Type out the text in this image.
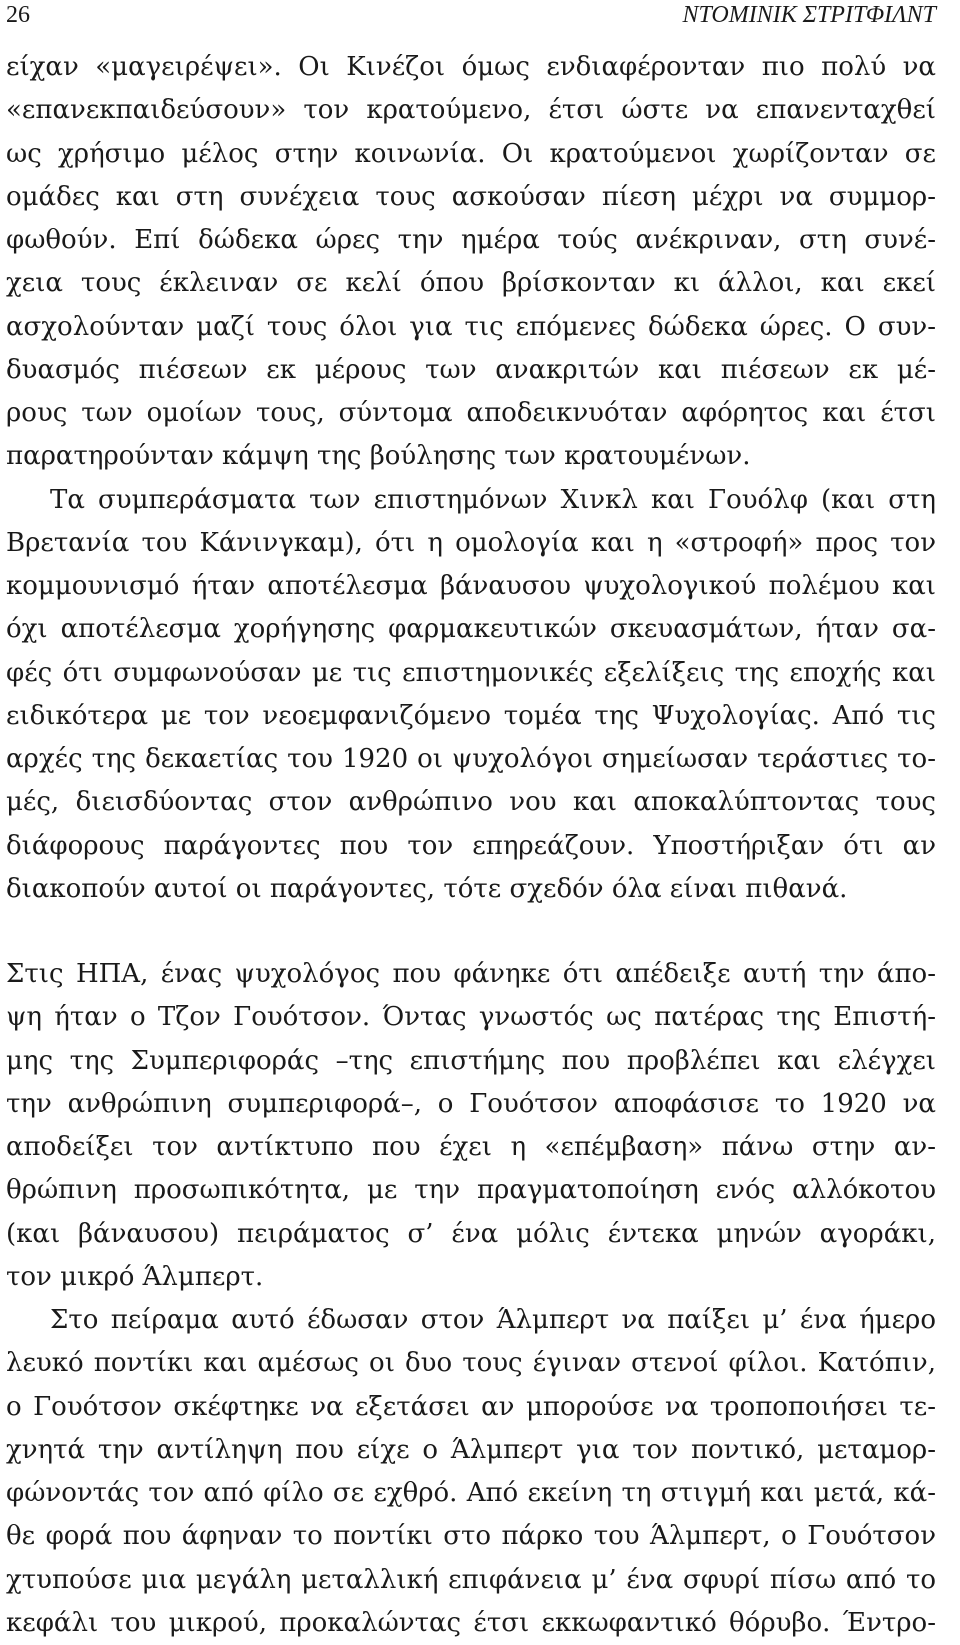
26	ΝΤΟΜΙΝΙΚ ΣΤΡΙΤΦΙΛΝΤ
είχαν «μαγειρέψει». Οι Κινέζοι όμως ενδιαφέρονταν πιο πολύ να
«επανεκπαιδεύσουν» τον κρατούμενο, έτσι ώστε να επανενταχθεί
ως χρήσιμο μέλος στην κοινωνία. Οι κρατούμενοι χωρίζονταν σε
ομάδες και στη συνέχεια τους ασκούσαν πίεση μέχρι να συμμορ-
φωθούν. Επί δώδεκα ώρες την ημέρα τούς ανέκριναν, στη συνέ-
χεια τους έκλειναν σε κελί όπου βρίσκονταν κι άλλοι, και εκεί
ασχολούνταν μαζί τους όλοι για τις επόμενες δώδεκα ώρες. Ο συν-
δυασμός πιέσεων εκ μέρους των ανακριτών και πιέσεων εκ μέ-
ρους των ομοίων τους, σύντομα αποδεικνυόταν αφόρητος και έτσι
παρατηρούνταν κάμψη της βούλησης των κρατουμένων.
Τα συμπεράσματα των επιστημόνων Χινκλ και Γουόλφ (και στη
Βρετανία του Κάνινγκαμ), ότι η ομολογία και η «στροφή» προς τον
κομμουνισμό ήταν αποτέλεσμα βάναυσου ψυχολογικού πολέμου και
όχι αποτέλεσμα χορήγησης φαρμακευτικών σκευασμάτων, ήταν σα-
φές ότι συμφωνούσαν με τις επιστημονικές εξελίξεις της εποχής και
ειδικότερα με τον νεοεμφανιζόμενο τομέα της Ψυχολογίας. Από τις
αρχές της δεκαετίας του 1920 οι ψυχολόγοι σημείωσαν τεράστιες το-
μές, διεισδύοντας στον ανθρώπινο νου και αποκαλύπτοντας τους
διάφορους παράγοντες που τον επηρεάζουν. Υποστήριξαν ότι αν
διακοπούν αυτοί οι παράγοντες, τότε σχεδόν όλα είναι πιθανά.
Στις ΗΠΑ, ένας ψυχολόγος που φάνηκε ότι απέδειξε αυτή την άπο-
ψη ήταν ο Τζον Γουότσον. Όντας γνωστός ως πατέρας της Επιστή-
μης της Συμπεριφοράς –της επιστήμης που προβλέπει και ελέγχει
την ανθρώπινη συμπεριφορά–, ο Γουότσον αποφάσισε το 1920 να
αποδείξει τον αντίκτυπο που έχει η «επέμβαση» πάνω στην αν-
θρώπινη προσωπικότητα, με την πραγματοποίηση ενός αλλόκοτου
(και βάναυσου) πειράματος σ’ ένα μόλις έντεκα μηνών αγοράκι,
τον μικρό Άλμπερτ.
Στο πείραμα αυτό έδωσαν στον Άλμπερτ να παίξει μ’ ένα ήμερο
λευκό ποντίκι και αμέσως οι δυο τους έγιναν στενοί φίλοι. Κατόπιν,
ο Γουότσον σκέφτηκε να εξετάσει αν μπορούσε να τροποποιήσει τε-
χνητά την αντίληψη που είχε ο Άλμπερτ για τον ποντικό, μεταμορ-
φώνοντάς τον από φίλο σε εχθρό. Από εκείνη τη στιγμή και μετά, κά-
θε φορά που άφηναν το ποντίκι στο πάρκο του Άλμπερτ, ο Γουότσον
χτυπούσε μια μεγάλη μεταλλική επιφάνεια μ’ ένα σφυρί πίσω από το
κεφάλι του μικρού, προκαλώντας έτσι εκκωφαντικό θόρυβο. Έντρο-
